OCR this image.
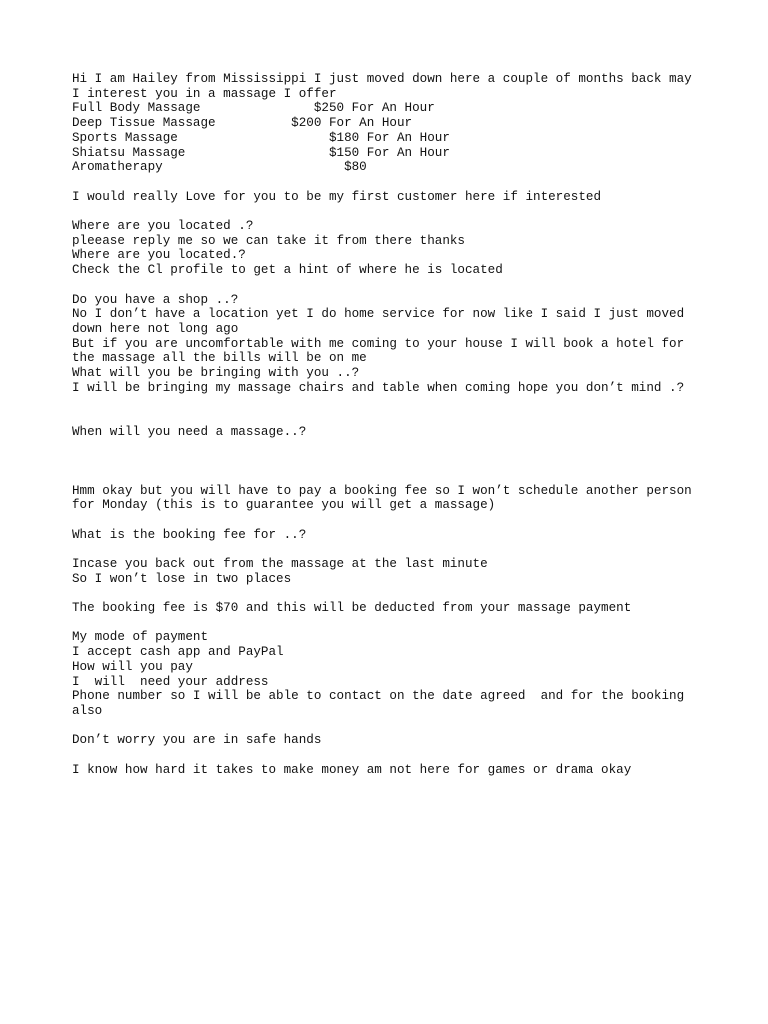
Hi I am Hailey from Mississippi I just moved down here a couple of months back may
I interest you in a massage I offer
Full Body Massage               $250 For An Hour
Deep Tissue Massage          $200 For An Hour
Sports Massage                    $180 For An Hour
Shiatsu Massage                   $150 For An Hour
Aromatherapy                        $80
I would really Love for you to be my first customer here if interested
Where are you located .?
pleease reply me so we can take it from there thanks
Where are you located.?
Check the Cl profile to get a hint of where he is located
Do you have a shop ..?
No I don’t have a location yet I do home service for now like I said I just moved
down here not long ago
But if you are uncomfortable with me coming to your house I will book a hotel for
the massage all the bills will be on me
What will you be bringing with you ..?
I will be bringing my massage chairs and table when coming hope you don’t mind .?
When will you need a massage..?
Hmm okay but you will have to pay a booking fee so I won’t schedule another person
for Monday (this is to guarantee you will get a massage)
What is the booking fee for ..?
Incase you back out from the massage at the last minute
So I won’t lose in two places
The booking fee is $70 and this will be deducted from your massage payment
My mode of payment
I accept cash app and PayPal
How will you pay
I  will  need your address
Phone number so I will be able to contact on the date agreed  and for the booking
also
Don’t worry you are in safe hands
I know how hard it takes to make money am not here for games or drama okay
